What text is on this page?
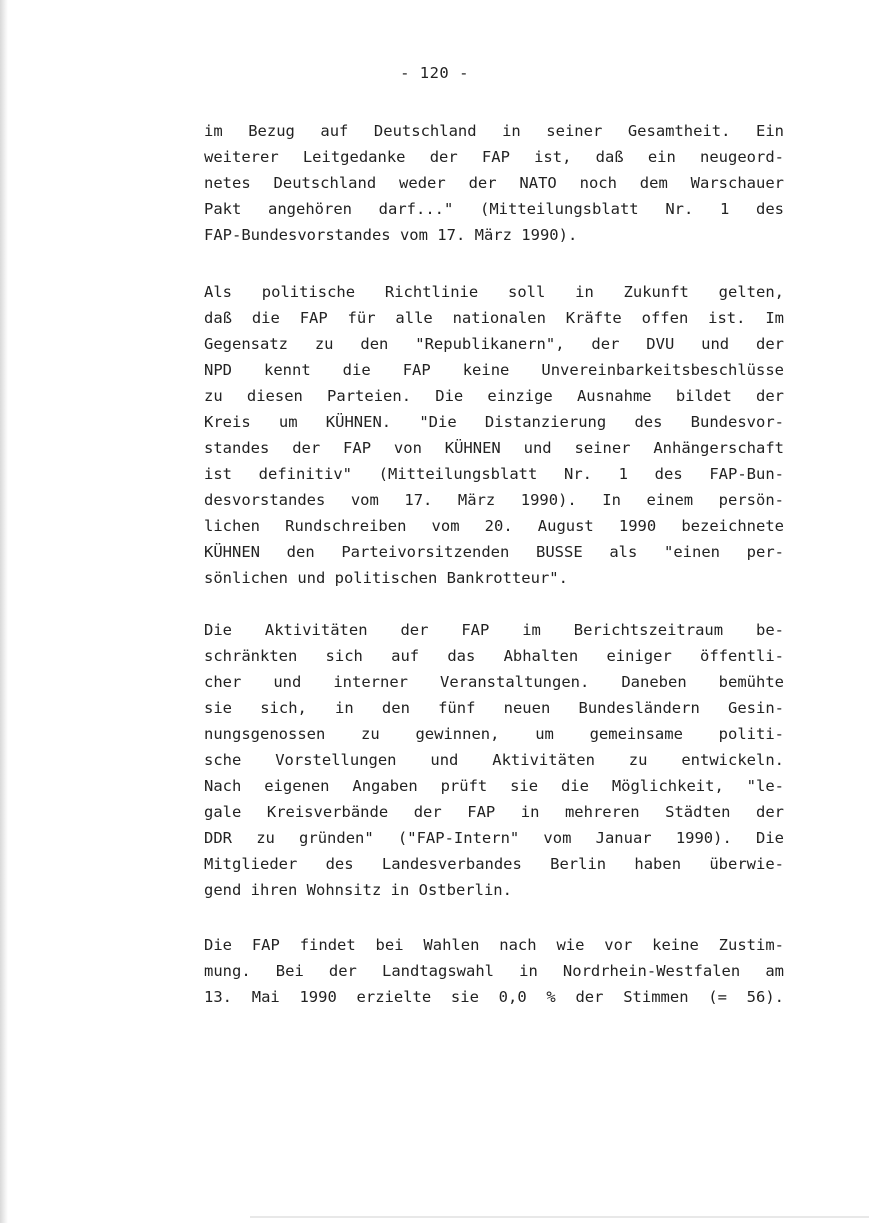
- 120 -
im Bezug auf Deutschland in seiner Gesamtheit. Ein
weiterer Leitgedanke der FAP ist, daß ein neugeord-
netes Deutschland weder der NATO noch dem Warschauer
Pakt angehören darf..." (Mitteilungsblatt Nr. 1 des
FAP-Bundesvorstandes vom 17. März 1990).
Als politische Richtlinie soll in Zukunft gelten,
daß die FAP für alle nationalen Kräfte offen ist. Im
Gegensatz zu den "Republikanern", der DVU und der
NPD kennt die FAP keine Unvereinbarkeitsbeschlüsse
zu diesen Parteien. Die einzige Ausnahme bildet der
Kreis um KÜHNEN. "Die Distanzierung des Bundesvor-
standes der FAP von KÜHNEN und seiner Anhängerschaft
ist definitiv" (Mitteilungsblatt Nr. 1 des FAP-Bun-
desvorstandes vom 17. März 1990). In einem persön-
lichen Rundschreiben vom 20. August 1990 bezeichnete
KÜHNEN den Parteivorsitzenden BUSSE als "einen per-
sönlichen und politischen Bankrotteur".
Die Aktivitäten der FAP im Berichtszeitraum be-
schränkten sich auf das Abhalten einiger öffentli-
cher und interner Veranstaltungen. Daneben bemühte
sie sich, in den fünf neuen Bundesländern Gesin-
nungsgenossen zu gewinnen, um gemeinsame politi-
sche Vorstellungen und Aktivitäten zu entwickeln.
Nach eigenen Angaben prüft sie die Möglichkeit, "le-
gale Kreisverbände der FAP in mehreren Städten der
DDR zu gründen" ("FAP-Intern" vom Januar 1990). Die
Mitglieder des Landesverbandes Berlin haben überwie-
gend ihren Wohnsitz in Ostberlin.
Die FAP findet bei Wahlen nach wie vor keine Zustim-
mung. Bei der Landtagswahl in Nordrhein-Westfalen am
13. Mai 1990 erzielte sie 0,0 % der Stimmen (= 56).
